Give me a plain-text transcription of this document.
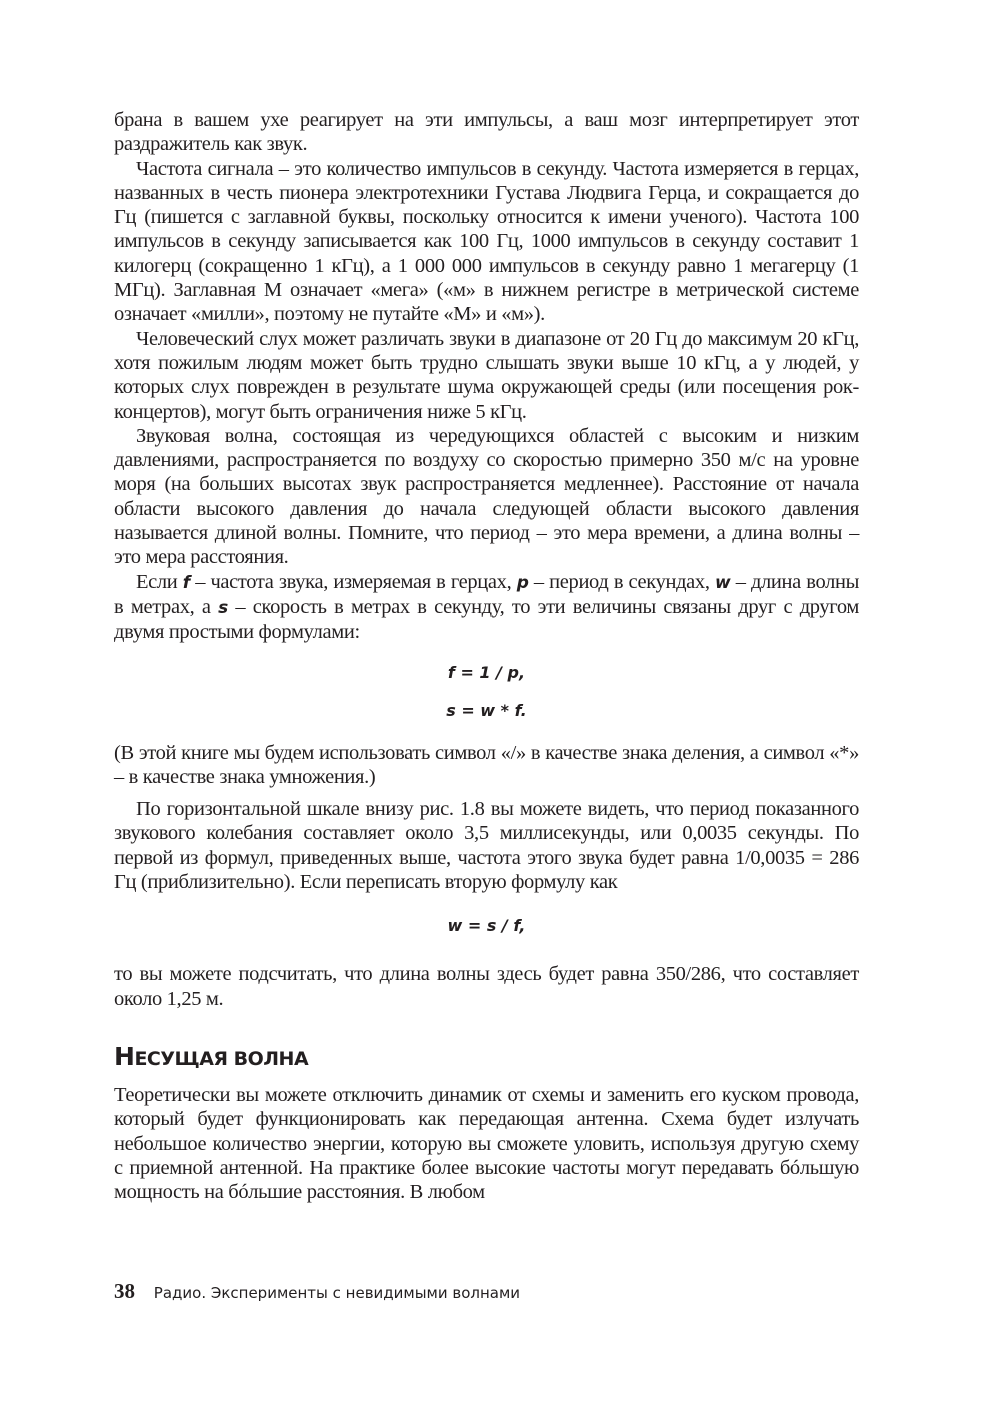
брана в вашем ухе реагирует на эти импульсы, а ваш мозг интерпретирует этот раздражитель как звук.

Частота сигнала – это количество импульсов в секунду. Частота измеряется в герцах, названных в честь пионера электротехники Густава Людвига Герца, и сокращается до Гц (пишется с заглавной буквы, поскольку относится к имени ученого). Частота 100 импульсов в секунду записывается как 100 Гц, 1000 импульсов в секунду составит 1 килогерц (сокращенно 1 кГц), а 1 000 000 импульсов в секунду равно 1 мегагерцу (1 МГц). Заглавная М означает «мега» («м» в нижнем регистре в метрической системе означает «милли», поэтому не путайте «М» и «м»).

Человеческий слух может различать звуки в диапазоне от 20 Гц до максимум 20 кГц, хотя пожилым людям может быть трудно слышать звуки выше 10 кГц, а у людей, у которых слух поврежден в результате шума окружающей среды (или посещения рок-концертов), могут быть ограничения ниже 5 кГц.

Звуковая волна, состоящая из чередующихся областей с высоким и низким давлениями, распространяется по воздуху со скоростью примерно 350 м/с на уровне моря (на больших высотах звук распространяется медленнее). Расстояние от начала области высокого давления до начала следующей области высокого давления называется длиной волны. Помните, что период – это мера времени, а длина волны – это мера расстояния.

Если f – частота звука, измеряемая в герцах, p – период в секундах, w – длина волны в метрах, а s – скорость в метрах в секунду, то эти величины связаны друг с другом двумя простыми формулами:

f = 1 / p,

s = w * f.

(В этой книге мы будем использовать символ «/» в качестве знака деления, а символ «*» – в качестве знака умножения.)

По горизонтальной шкале внизу рис. 1.8 вы можете видеть, что период показанного звукового колебания составляет около 3,5 миллисекунды, или 0,0035 секунды. По первой из формул, приведенных выше, частота этого звука будет равна 1/0,0035 = 286 Гц (приблизительно). Если переписать вторую формулу как

w = s / f,

то вы можете подсчитать, что длина волны здесь будет равна 350/286, что составляет около 1,25 м.

НЕСУЩАЯ ВОЛНА

Теоретически вы можете отключить динамик от схемы и заменить его куском провода, который будет функционировать как передающая антенна. Схема будет излучать небольшое количество энергии, которую вы сможете уловить, используя другую схему с приемной антенной. На практике более высокие частоты могут передавать бóльшую мощность на бóльшие расстояния. В любом

38 Радио. Эксперименты с невидимыми волнами
